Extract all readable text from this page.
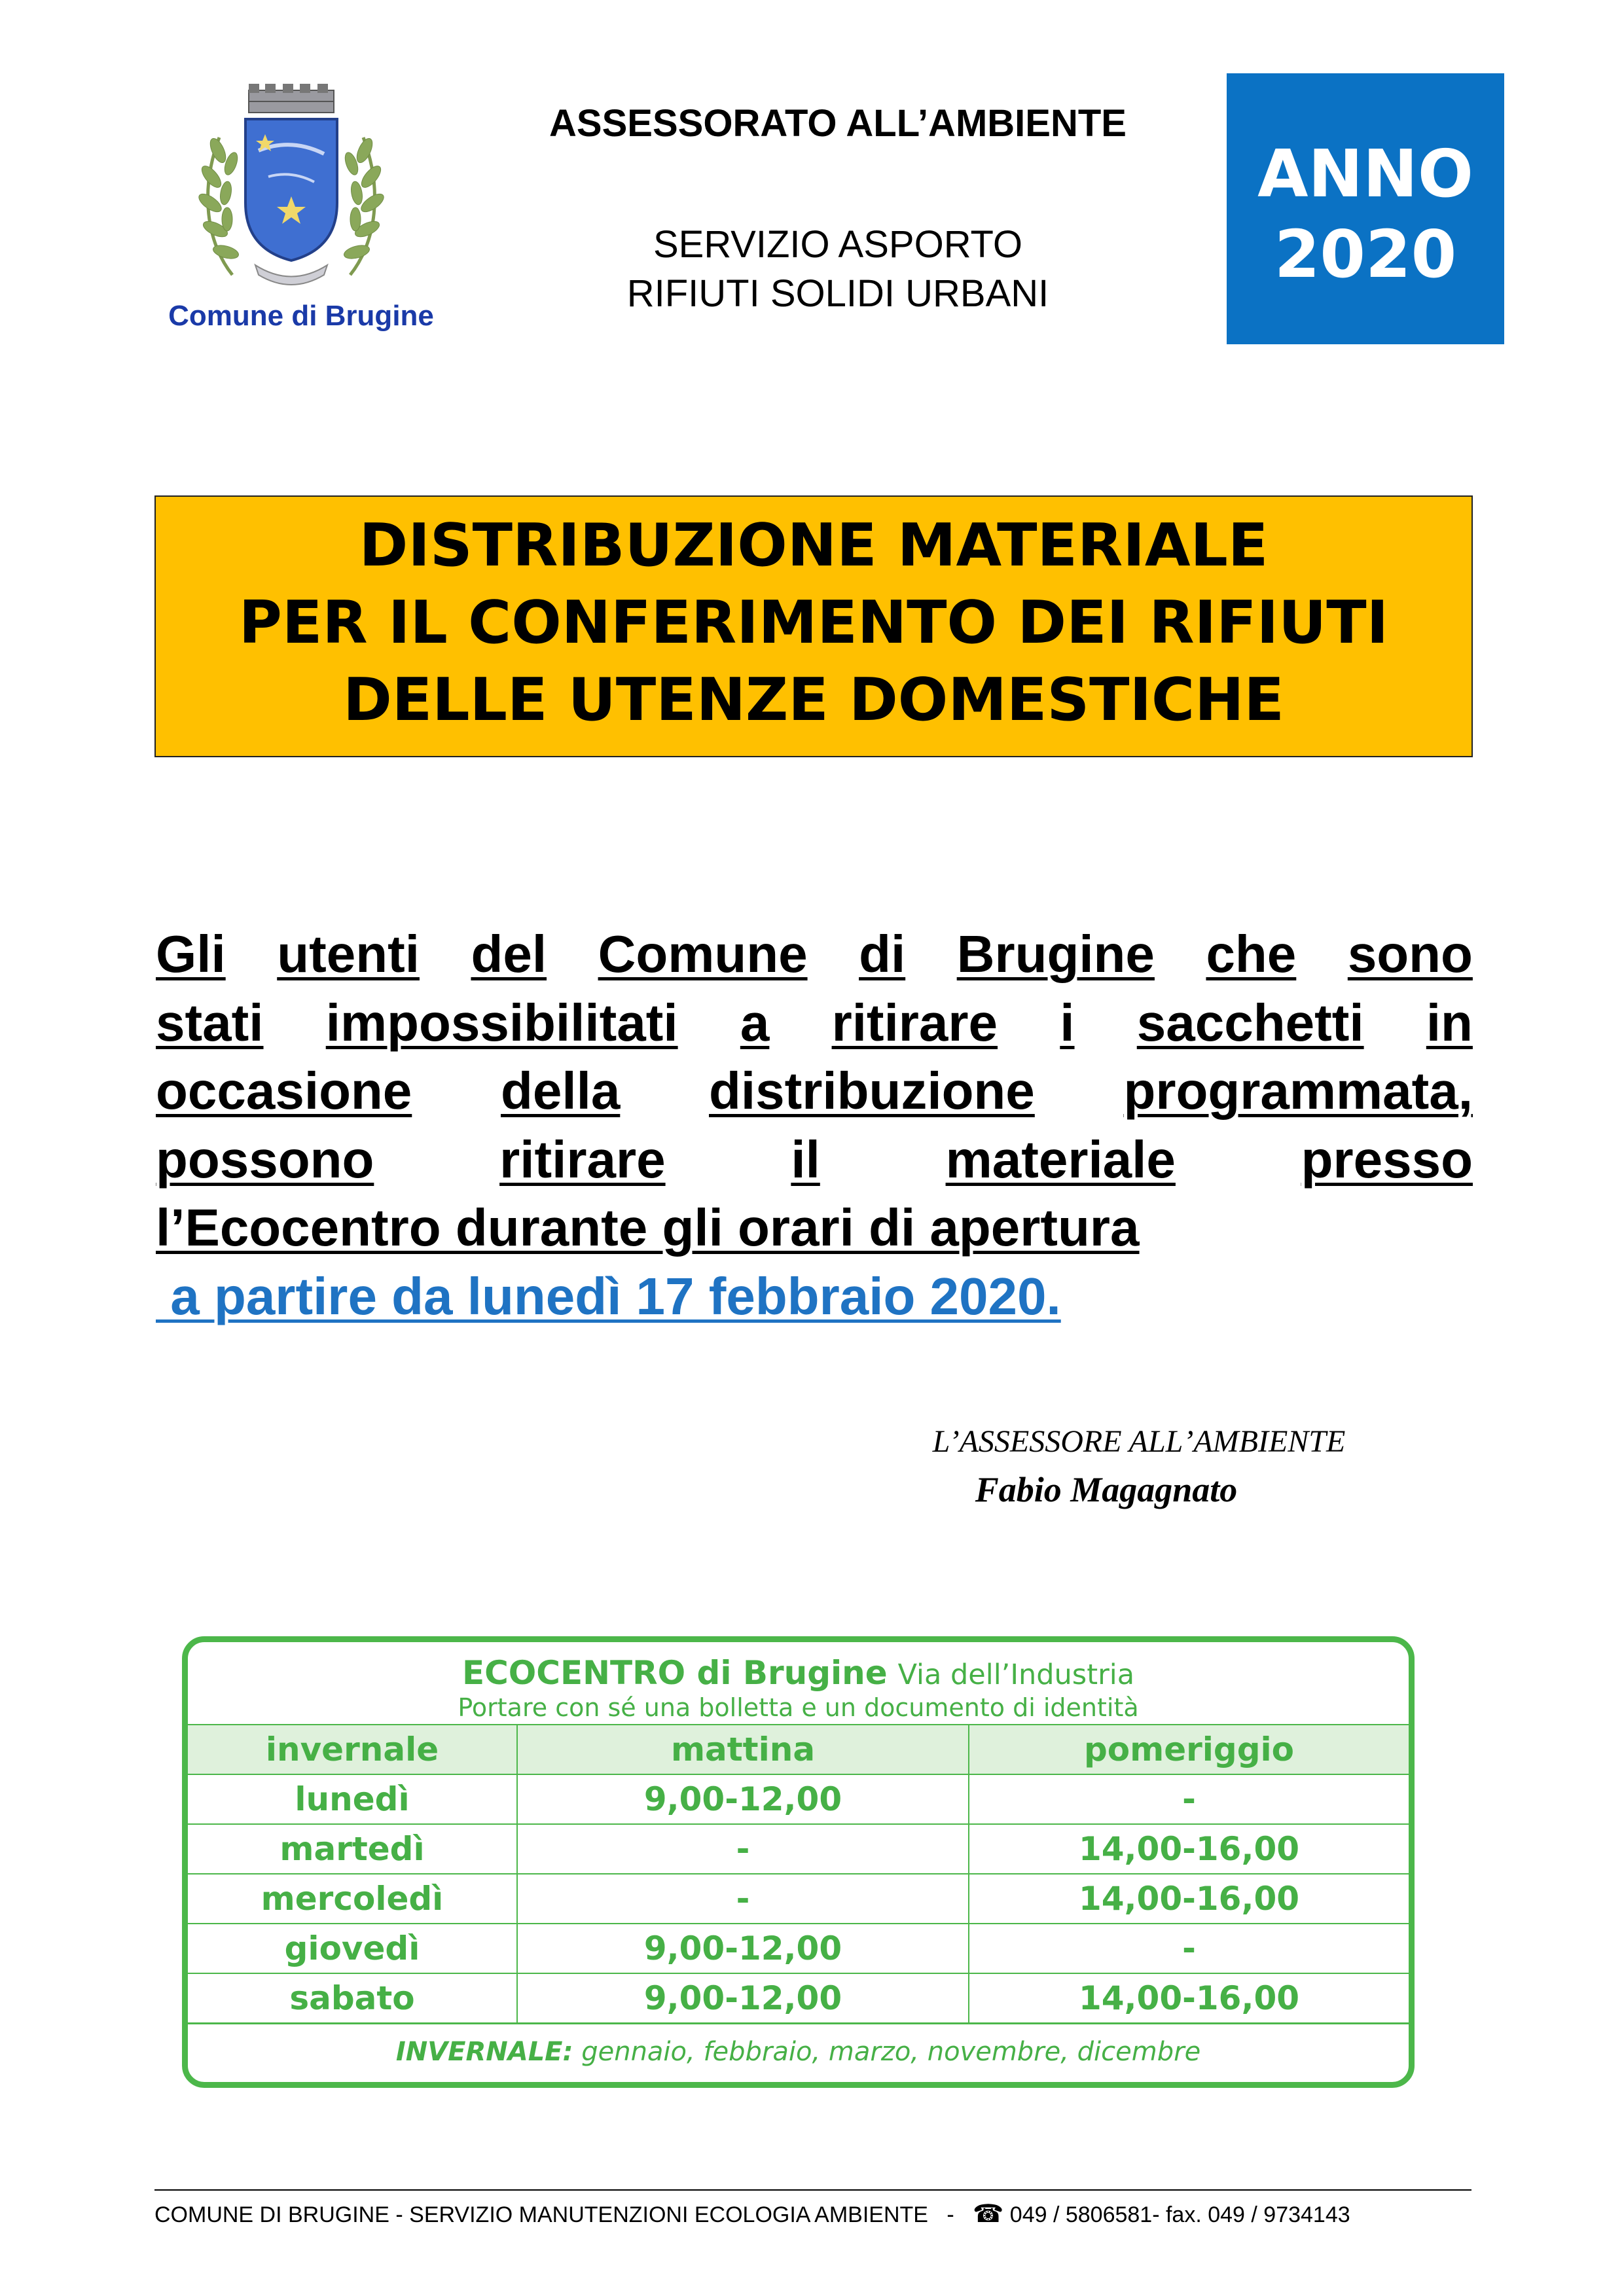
Comune di Brugine
ASSESSORATO ALL’AMBIENTE
SERVIZIO ASPORTO
RIFIUTI SOLIDI URBANI
ANNO
2020
DISTRIBUZIONE MATERIALE
PER IL CONFERIMENTO DEI RIFIUTI
DELLE UTENZE DOMESTICHE
Gli utenti del Comune di Brugine che sono
stati impossibilitati a ritirare i sacchetti in
occasione della distribuzione programmata,
possono ritirare il materiale presso
l’Ecocentro durante gli orari di apertura
a partire da lunedì 17 febbraio 2020.
L’ASSESSORE ALL’AMBIENTE
Fabio Magagnato
ECOCENTRO di Brugine Via dell’Industria
Portare con sé una bolletta e un documento di identità
invernale	mattina	pomeriggio
lunedì	9,00-12,00	-
martedì	-	14,00-16,00
mercoledì	-	14,00-16,00
giovedì	9,00-12,00	-
sabato	9,00-12,00	14,00-16,00
INVERNALE: gennaio, febbraio, marzo, novembre, dicembre
COMUNE DI BRUGINE - SERVIZIO MANUTENZIONI ECOLOGIA AMBIENTE   -   ☎ 049 / 5806581- fax. 049 / 9734143
